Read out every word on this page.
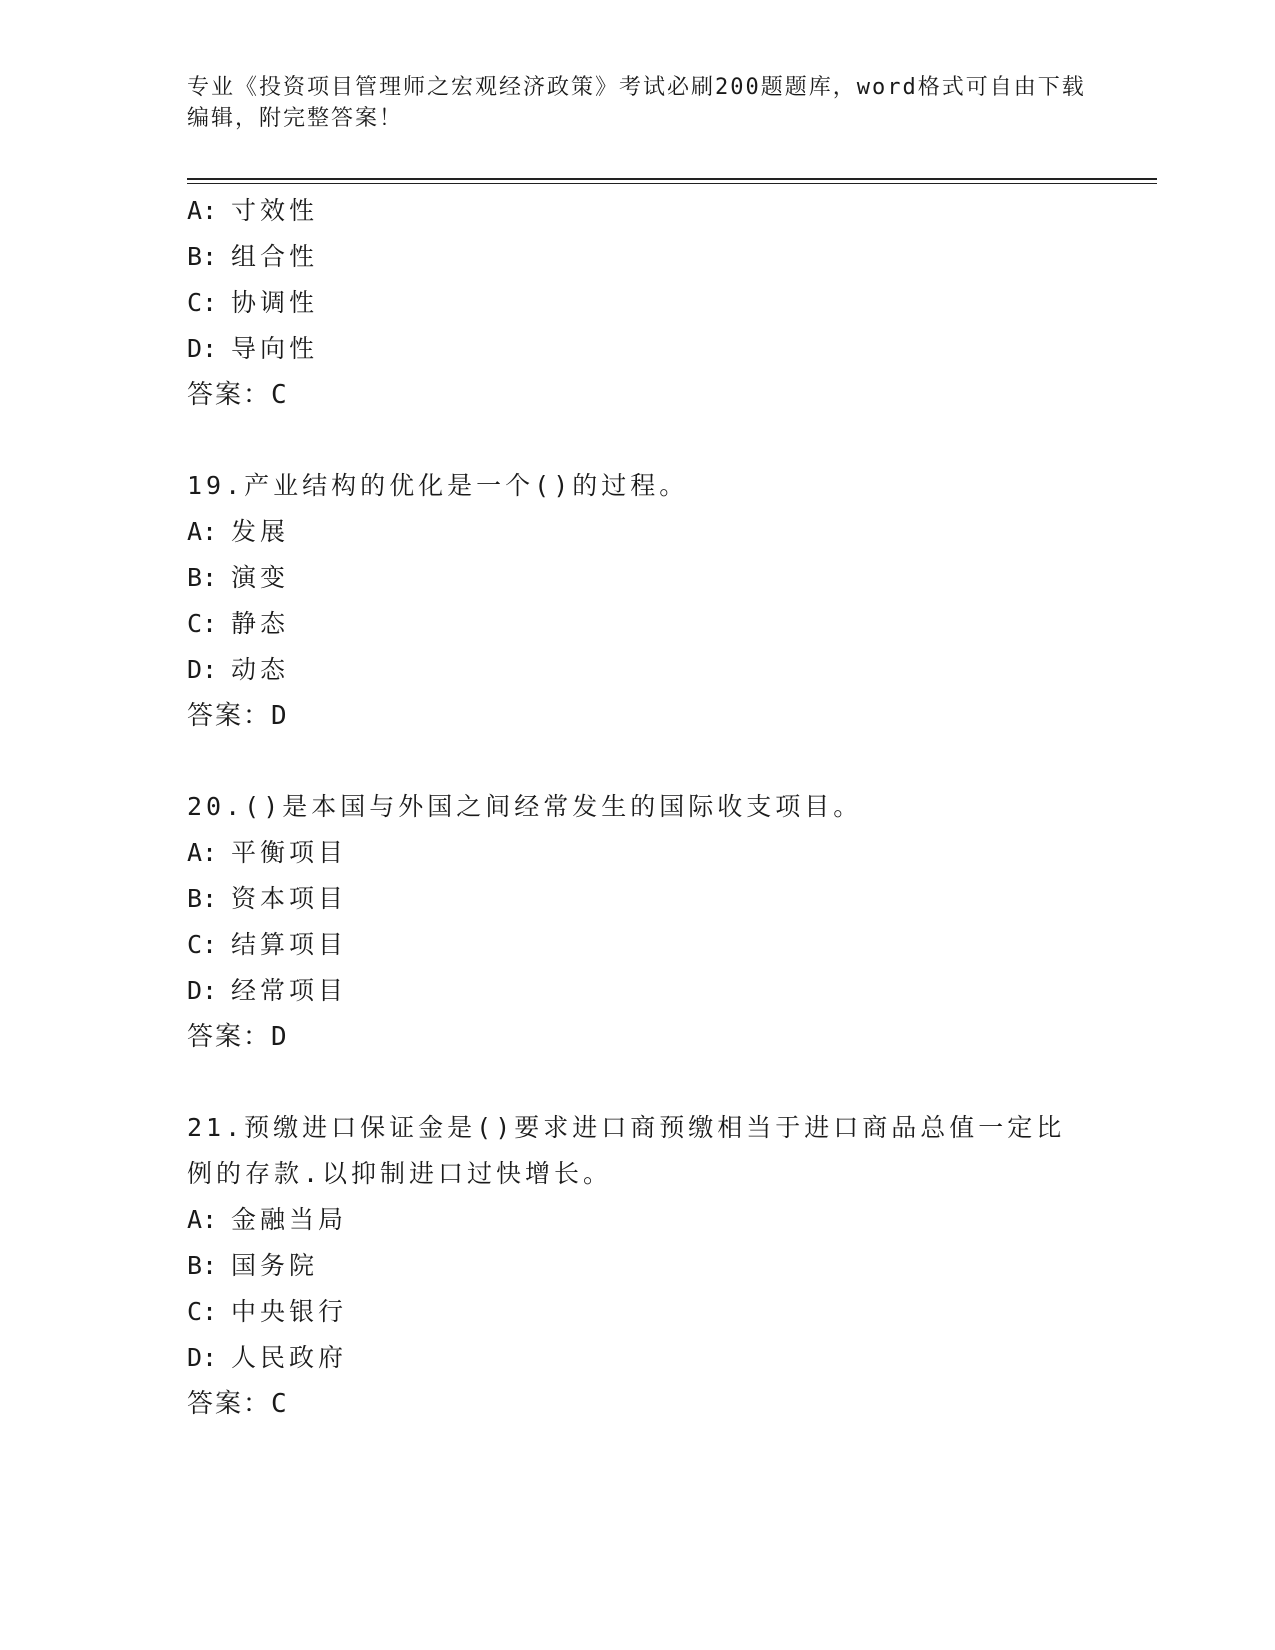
专业《投资项目管理师之宏观经济政策》考试必刷200题题库，word格式可自由下载编辑，附完整答案！
A: 寸效性
B: 组合性
C: 协调性
D: 导向性
答案：C
19.产业结构的优化是一个()的过程。
A: 发展
B: 演变
C: 静态
D: 动态
答案：D
20.()是本国与外国之间经常发生的国际收支项目。
A: 平衡项目
B: 资本项目
C: 结算项目
D: 经常项目
答案：D
21.预缴进口保证金是()要求进口商预缴相当于进口商品总值一定比例的存款.以抑制进口过快增长。
A: 金融当局
B: 国务院
C: 中央银行
D: 人民政府
答案：C
